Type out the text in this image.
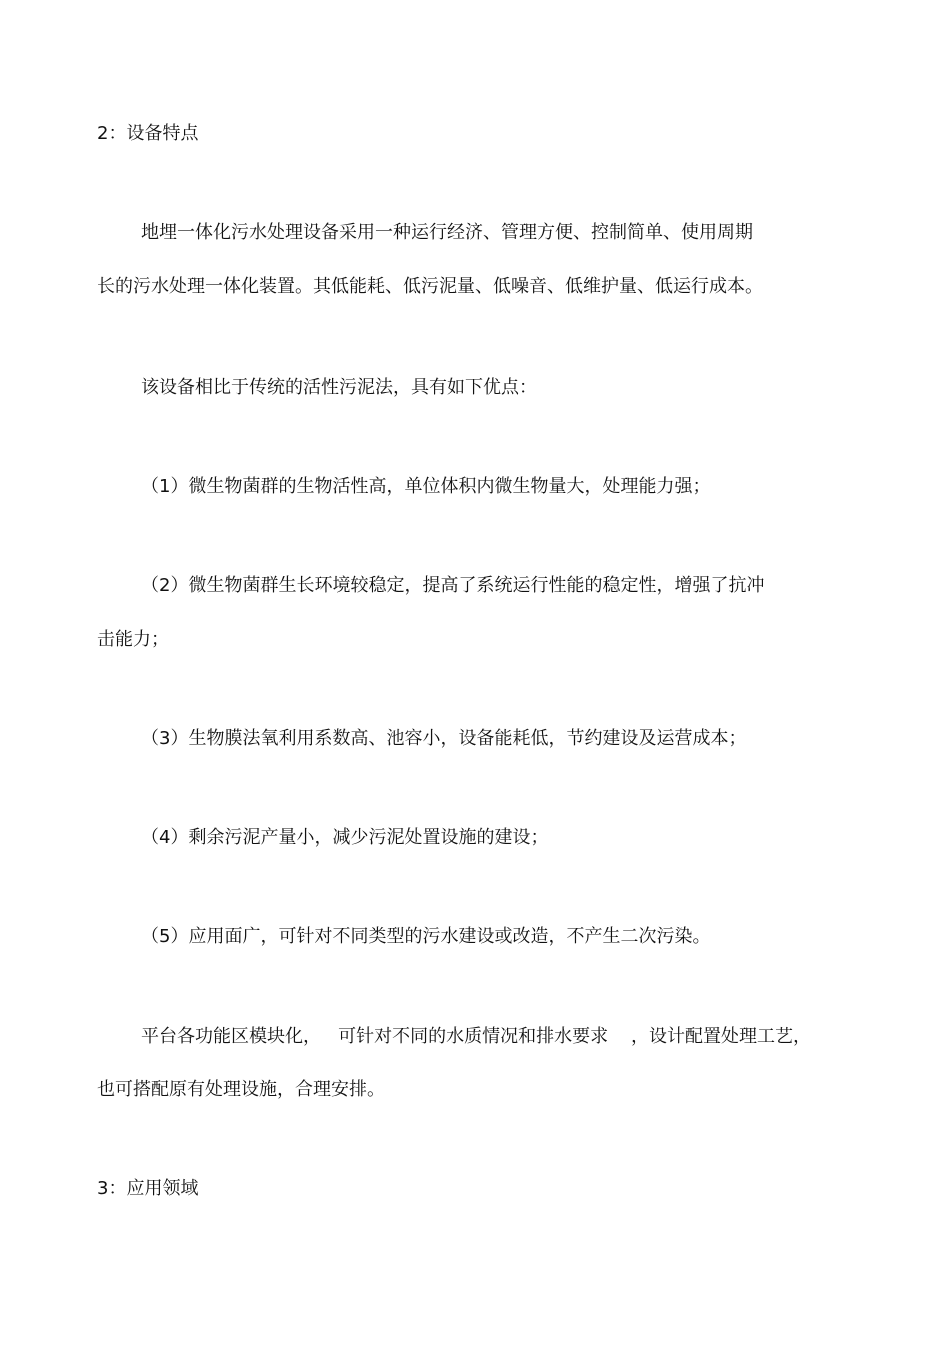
2：设备特点
地埋一体化污水处理设备采用一种运行经济、管理方便、控制简单、使用周期
长的污水处理一体化装置。其低能耗、低污泥量、低噪音、低维护量、低运行成本。
该设备相比于传统的活性污泥法，具有如下优点：
（1）微生物菌群的生物活性高，单位体积内微生物量大，处理能力强；
（2）微生物菌群生长环境较稳定，提高了系统运行性能的稳定性，增强了抗冲
击能力；
（3）生物膜法氧利用系数高、池容小，设备能耗低，节约建设及运营成本；
（4）剩余污泥产量小，减少污泥处置设施的建设；
（5）应用面广，可针对不同类型的污水建设或改造，不产生二次污染。
平台各功能区模块化，   可针对不同的水质情况和排水要求    ，设计配置处理工艺，
也可搭配原有处理设施，合理安排。
3：应用领域
